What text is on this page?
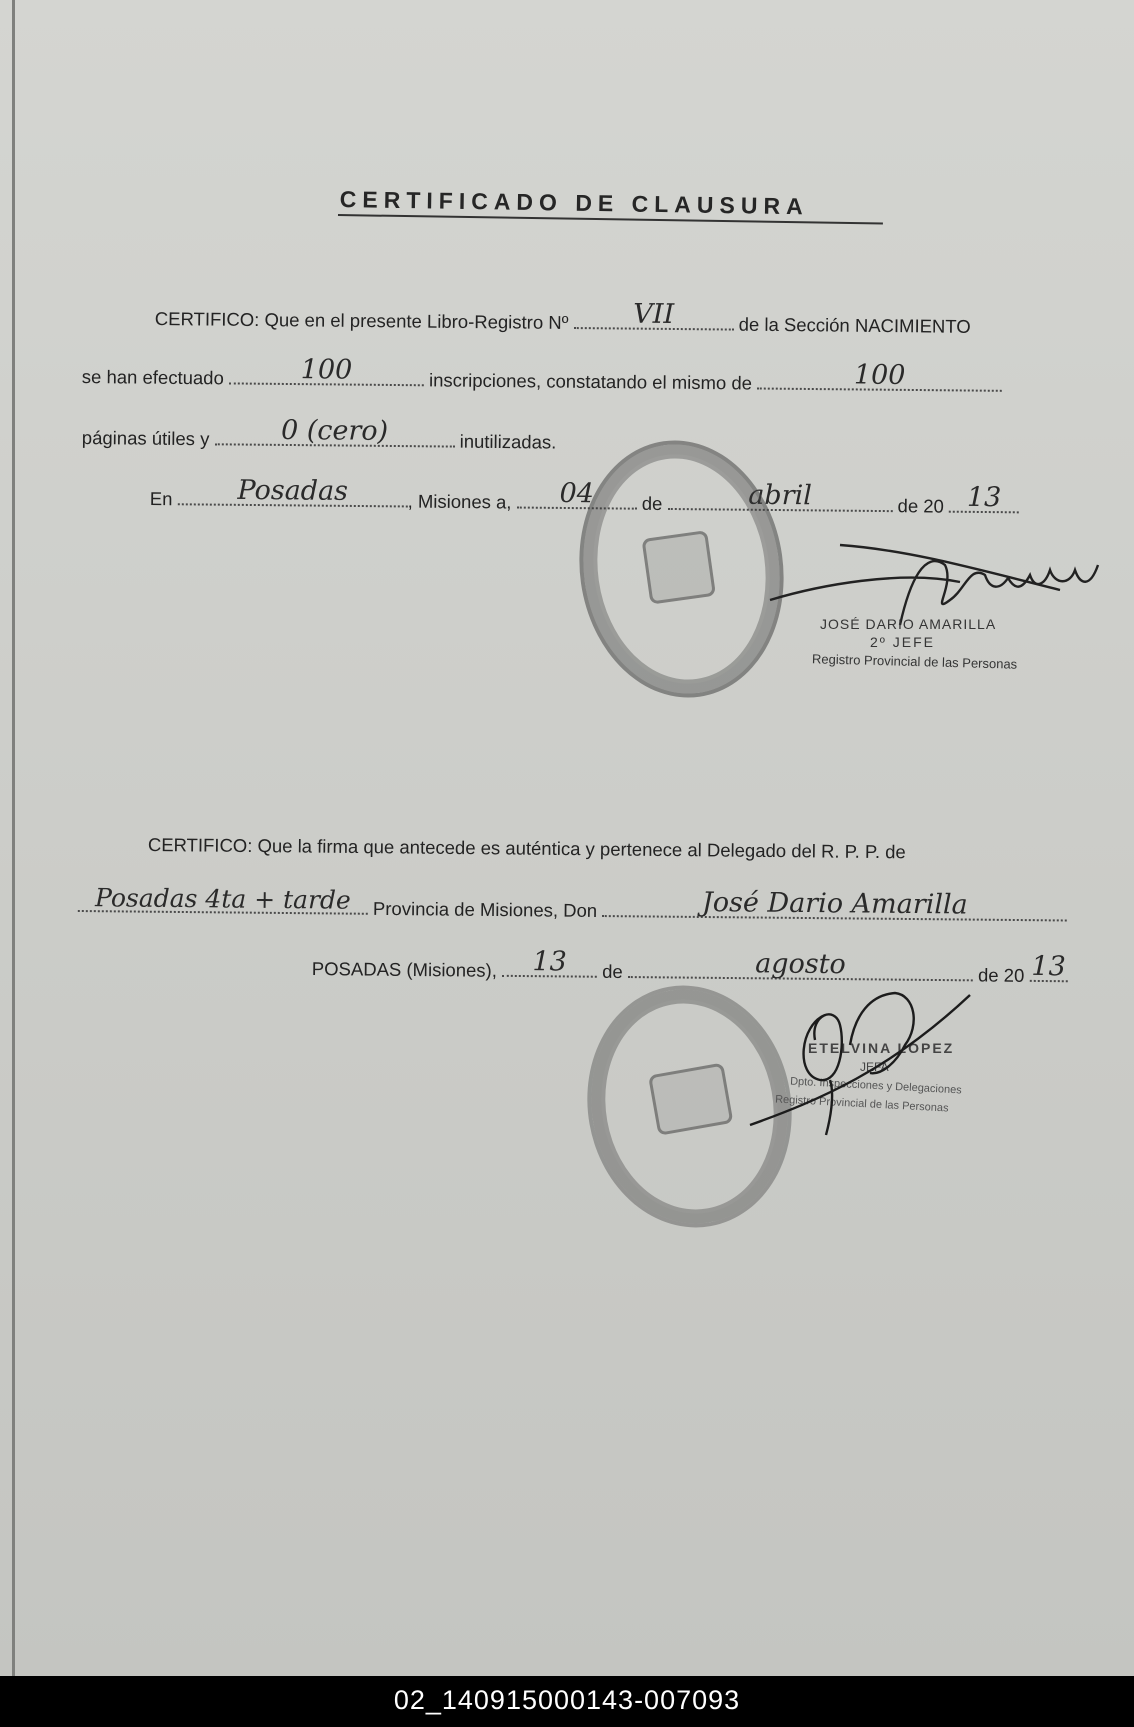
CERTIFICADO DE CLAUSURA
CERTIFICO: Que en el presente Libro-Registro Nº	VII	de la Sección NACIMIENTO
se han efectuado	100	inscripciones, constatando el mismo de	100
páginas útiles y	0 (cero)	inutilizadas.
En	Posadas	, Misiones a,	04	de	abril	de 20 13
JOSÉ DARIO AMARILLA
2º JEFE
Registro Provincial de las Personas
CERTIFICO: Que la firma que antecede es auténtica y pertenece al Delegado del R. P. P. de
Posadas 4ta + tarde	Provincia de Misiones, Don	José Dario Amarilla
POSADAS (Misiones),	13	de	agosto	de 20 13
ETELVINA LOPEZ
JEFA
Dpto. Inspecciones y Delegaciones
Registro Provincial de las Personas
02_140915000143-007093
